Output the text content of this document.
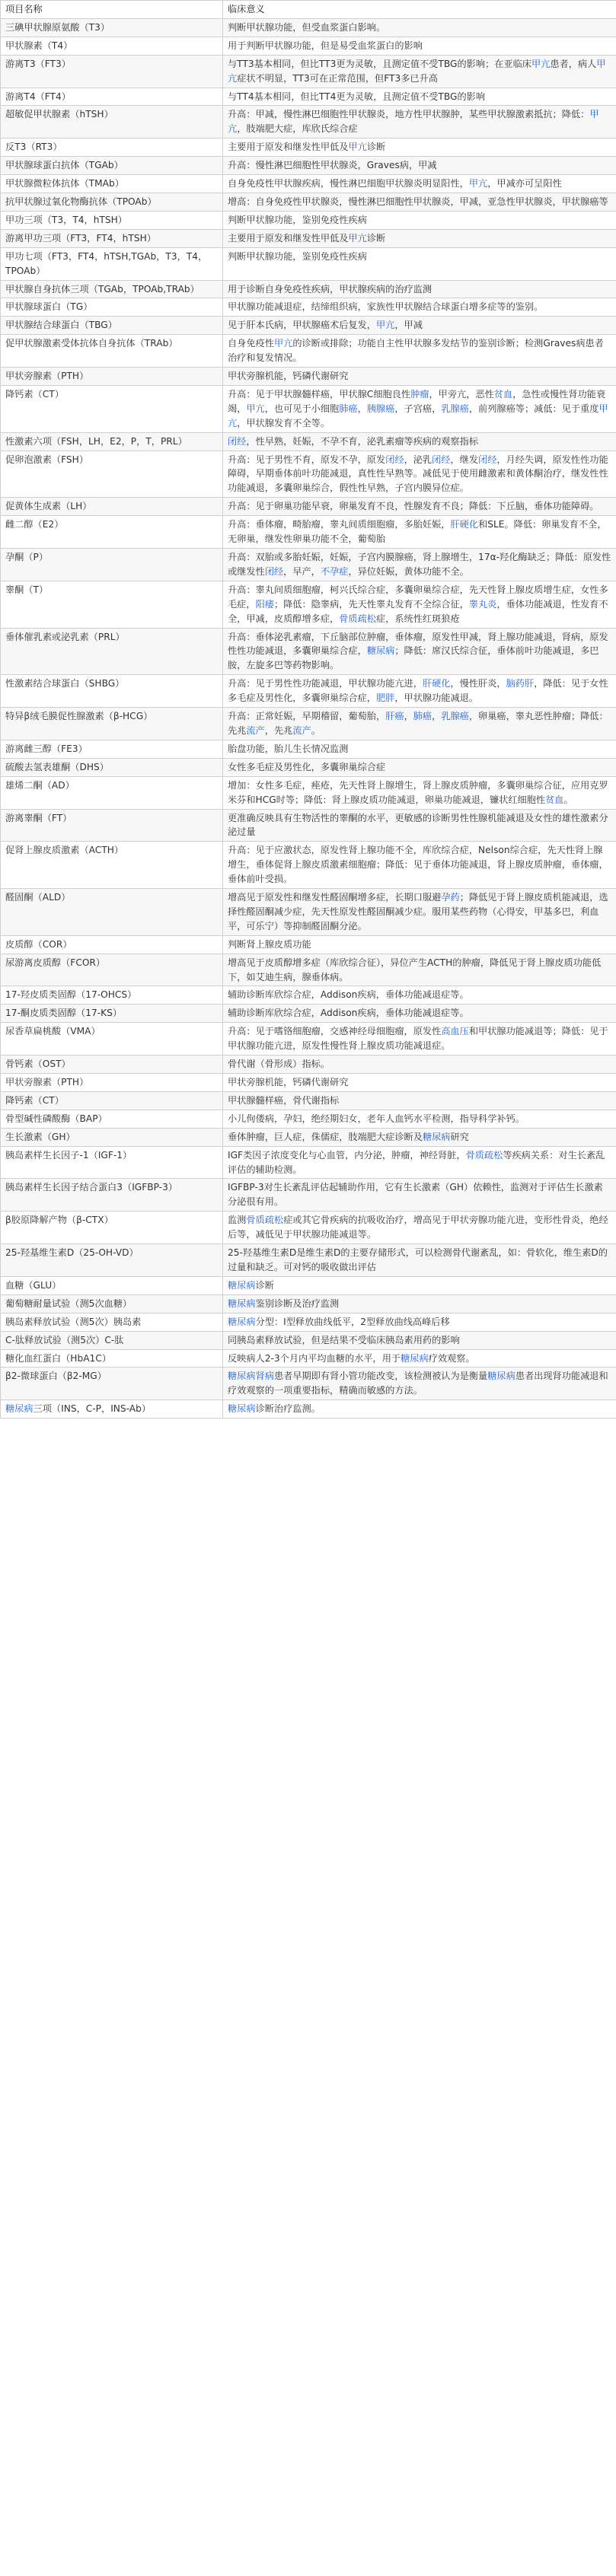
项目名称	临床意义
三碘甲状腺原氨酸（T3）	判断甲状腺功能，但受血浆蛋白影响。
甲状腺素（T4）	用于判断甲状腺功能，但是易受血浆蛋白的影响
游离T3（FT3）	与TT3基本相同，但比TT3更为灵敏，且测定值不受TBG的影响；在亚临床甲亢患者，病人甲亢症状不明显，TT3可在正常范围，但FT3多已升高
游离T4（FT4）	与TT4基本相同，但比TT4更为灵敏，且测定值不受TBG的影响
超敏促甲状腺素（hTSH）	升高：甲减，慢性淋巴细胞性甲状腺炎，地方性甲状腺肿，某些甲状腺激素抵抗；降低：甲亢，肢端肥大症，库欣氏综合症
反T3（RT3）	主要用于原发和继发性甲低及甲亢诊断
甲状腺球蛋白抗体（TGAb）	升高：慢性淋巴细胞性甲状腺炎，Graves病，甲减
甲状腺微粒体抗体（TMAb）	自身免疫性甲状腺疾病，慢性淋巴细胞甲状腺炎明显阳性，甲亢，甲减亦可呈阳性
抗甲状腺过氧化物酶抗体（TPOAb）	增高：自身免疫性甲状腺炎，慢性淋巴细胞性甲状腺炎，甲减，亚急性甲状腺炎，甲状腺癌等
甲功三项（T3，T4，hTSH）	判断甲状腺功能，鉴别免疫性疾病
游离甲功三项（FT3，FT4，hTSH）	主要用于原发和继发性甲低及甲亢诊断
甲功七项（FT3，FT4，hTSH,TGAb，T3，T4，TPOAb）	判断甲状腺功能，鉴别免疫性疾病
甲状腺自身抗体三项（TGAb，TPOAb,TRAb）	用于诊断自身免疫性疾病，甲状腺疾病的治疗监测
甲状腺球蛋白（TG）	甲状腺功能减退症，结缔组织病，家族性甲状腺结合球蛋白增多症等的鉴别。
甲状腺结合球蛋白（TBG）	见于肝本氏病，甲状腺癌术后复发，甲亢，甲减
促甲状腺激素受体抗体自身抗体（TRAb）	自身免疫性甲亢的诊断或排除；功能自主性甲状腺多发结节的鉴别诊断；检测Graves病患者治疗和复发情况。
甲状旁腺素（PTH）	甲状旁腺机能，钙磷代谢研究
降钙素（CT）	升高：见于甲状腺髓样癌，甲状腺C细胞良性肿瘤，甲旁亢，恶性贫血，急性或慢性肾功能衰竭，甲亢，也可见于小细胞肺癌，胰腺癌，子宫癌，乳腺癌，前列腺癌等；减低：见于重度甲亢，甲状腺发育不全等。
性激素六项（FSH，LH，E2，P，T，PRL）	闭经，性早熟，妊娠，不孕不育，泌乳素瘤等疾病的观察指标
促卵泡激素（FSH）	升高：见于男性不育，原发不孕，原发闭经，泌乳闭经，继发闭经，月经失调，原发性性功能障碍，早期垂体前叶功能减退，真性性早熟等。减低见于使用雌激素和黄体酮治疗，继发性性功能减退，多囊卵巢综合，假性性早熟，子宫内膜异位症。
促黄体生成素（LH）	升高：见于卵巢功能早衰，卵巢发育不良，性腺发育不良；降低：下丘脑，垂体功能障碍。
雌二醇（E2）	升高：垂体瘤，畸胎瘤，睾丸间质细胞瘤，多胎妊娠，肝硬化和SLE。降低：卵巢发育不全，无卵巢，继发性卵巢功能不全，葡萄胎
孕酮（P）	升高：双胎或多胎妊娠，妊娠，子宫内膜腺癌，肾上腺增生，17α-羟化酶缺乏；降低：原发性或继发性闭经，早产，不孕症，异位妊娠，黄体功能不全。
睾酮（T）	升高：睾丸间质细胞瘤，柯兴氏综合症，多囊卵巢综合症，先天性肾上腺皮质增生症，女性多毛症，阳痿；降低：隐睾病，先天性睾丸发育不全综合征，睾丸炎，垂体功能减退，性发育不全，甲减，皮质醇增多症，骨质疏松症，系统性红斑狼疮
垂体催乳素或泌乳素（PRL）	升高：垂体泌乳素瘤，下丘脑部位肿瘤，垂体瘤，原发性甲减，肾上腺功能减退，肾病，原发性性功能减退，多囊卵巢综合症，糖尿病；降低：席汉氏综合征，垂体前叶功能减退，多巴胺，左旋多巴等药物影响。
性激素结合球蛋白（SHBG）	升高：见于男性性功能减退，甲状腺功能亢进，肝硬化，慢性肝炎，脑药肝，降低：见于女性多毛症及男性化，多囊卵巢综合症，肥胖，甲状腺功能减退。
特异β绒毛膜促性腺激素（β-HCG）	升高：正常妊娠，早期稽留，葡萄胎，肝癌，肺癌，乳腺癌，卵巢癌，睾丸恶性肿瘤；降低：先兆流产，先兆流产。
游离雌三醇（FE3）	胎盘功能，胎儿生长情况监测
硫酸去氢表雄酮（DHS）	女性多毛症及男性化，多囊卵巢综合症
雄烯二酮（AD）	增加：女性多毛症，痤疮，先天性肾上腺增生，肾上腺皮质肿瘤，多囊卵巢综合征，应用克罗米芬和HCG时等；降低：肾上腺皮质功能减退，卵巢功能减退，镰状红细胞性贫血。
游离睾酮（FT）	更准确反映具有生物活性的睾酮的水平，更敏感的诊断男性性腺机能减退及女性的雄性激素分泌过量
促肾上腺皮质激素（ACTH）	升高：见于应激状态，原发性肾上腺功能不全，库欣综合症，Nelson综合症，先天性肾上腺增生，垂体促肾上腺皮质激素细胞瘤；降低：见于垂体功能减退，肾上腺皮质肿瘤，垂体瘤，垂体前叶受损。
醛固酮（ALD）	增高见于原发性和继发性醛固酮增多症，长期口服避孕药；降低见于肾上腺皮质机能减退，选择性醛固酮减少症，先天性原发性醛固酮减少症。服用某些药物（心得安，甲基多巴，利血平，可乐宁）等抑制醛固酮分泌。
皮质醇（COR）	判断肾上腺皮质功能
尿游离皮质醇（FCOR）	增高见于皮质醇增多症（库欣综合征），异位产生ACTH的肿瘤，降低见于肾上腺皮质功能低下，如艾迪生病，腺垂体病。
17-羟皮质类固醇（17-OHCS）	辅助诊断库欣综合症，Addison疾病，垂体功能减退症等。
17-酮皮质类固醇（17-KS）	辅助诊断库欣综合症，Addison疾病，垂体功能减退症等。
尿香草扁桃酸（VMA）	升高：见于嗜铬细胞瘤，交感神经母细胞瘤，原发性高血压和甲状腺功能减退等；降低：见于甲状腺功能亢进，原发性慢性肾上腺皮质功能减退症。
骨钙素（OST）	骨代谢（骨形成）指标。
甲状旁腺素（PTH）	甲状旁腺机能，钙磷代谢研究
降钙素（CT）	甲状腺髓样癌，骨代谢指标
骨型碱性磷酸酶（BAP）	小儿佝偻病，孕妇，绝经期妇女，老年人血钙水平检测，指导科学补钙。
生长激素（GH）	垂体肿瘤，巨人症，侏儒症，肢端肥大症诊断及糖尿病研究
胰岛素样生长因子-1（IGF-1）	IGF类因子浓度变化与心血管，内分泌，肿瘤，神经肾脏，骨质疏松等疾病关系：对生长紊乱评估的辅助检测。
胰岛素样生长因子结合蛋白3（IGFBP-3）	IGFBP-3对生长紊乱评估起辅助作用，它有生长激素（GH）依赖性，监测对于评估生长激素分泌很有用。
β胶原降解产物（β-CTX）	监测骨质疏松症或其它骨疾病的抗吸收治疗，增高见于甲状旁腺功能亢进，变形性骨炎，绝经后等，减低见于甲状腺功能减退等。
25-羟基维生素D（25-OH-VD）	25-羟基维生素D是维生素D的主要存储形式，可以检测骨代谢紊乱，如：骨软化，维生素D的过量和缺乏。可对钙的吸收做出评估
血糖（GLU）	糖尿病诊断
葡萄糖耐量试验（测5次血糖）	糖尿病鉴别诊断及治疗监测
胰岛素释放试验（测5次）胰岛素	糖尿病分型：I型释放曲线低平，2型释放曲线高峰后移
C-肽释放试验（测5次）C-肽	同胰岛素释放试验，但是结果不受临床胰岛素用药的影响
糖化血红蛋白（HbA1C）	反映病人2-3个月内平均血糖的水平，用于糖尿病疗效观察。
β2-微球蛋白（β2-MG）	糖尿病肾病患者早期即有肾小管功能改变，该检测被认为是衡量糖尿病患者出现肾功能减退和疗效观察的一项重要指标，精确而敏感的方法。
糖尿病三项（INS，C-P，INS-Ab）	糖尿病诊断治疗监测。
